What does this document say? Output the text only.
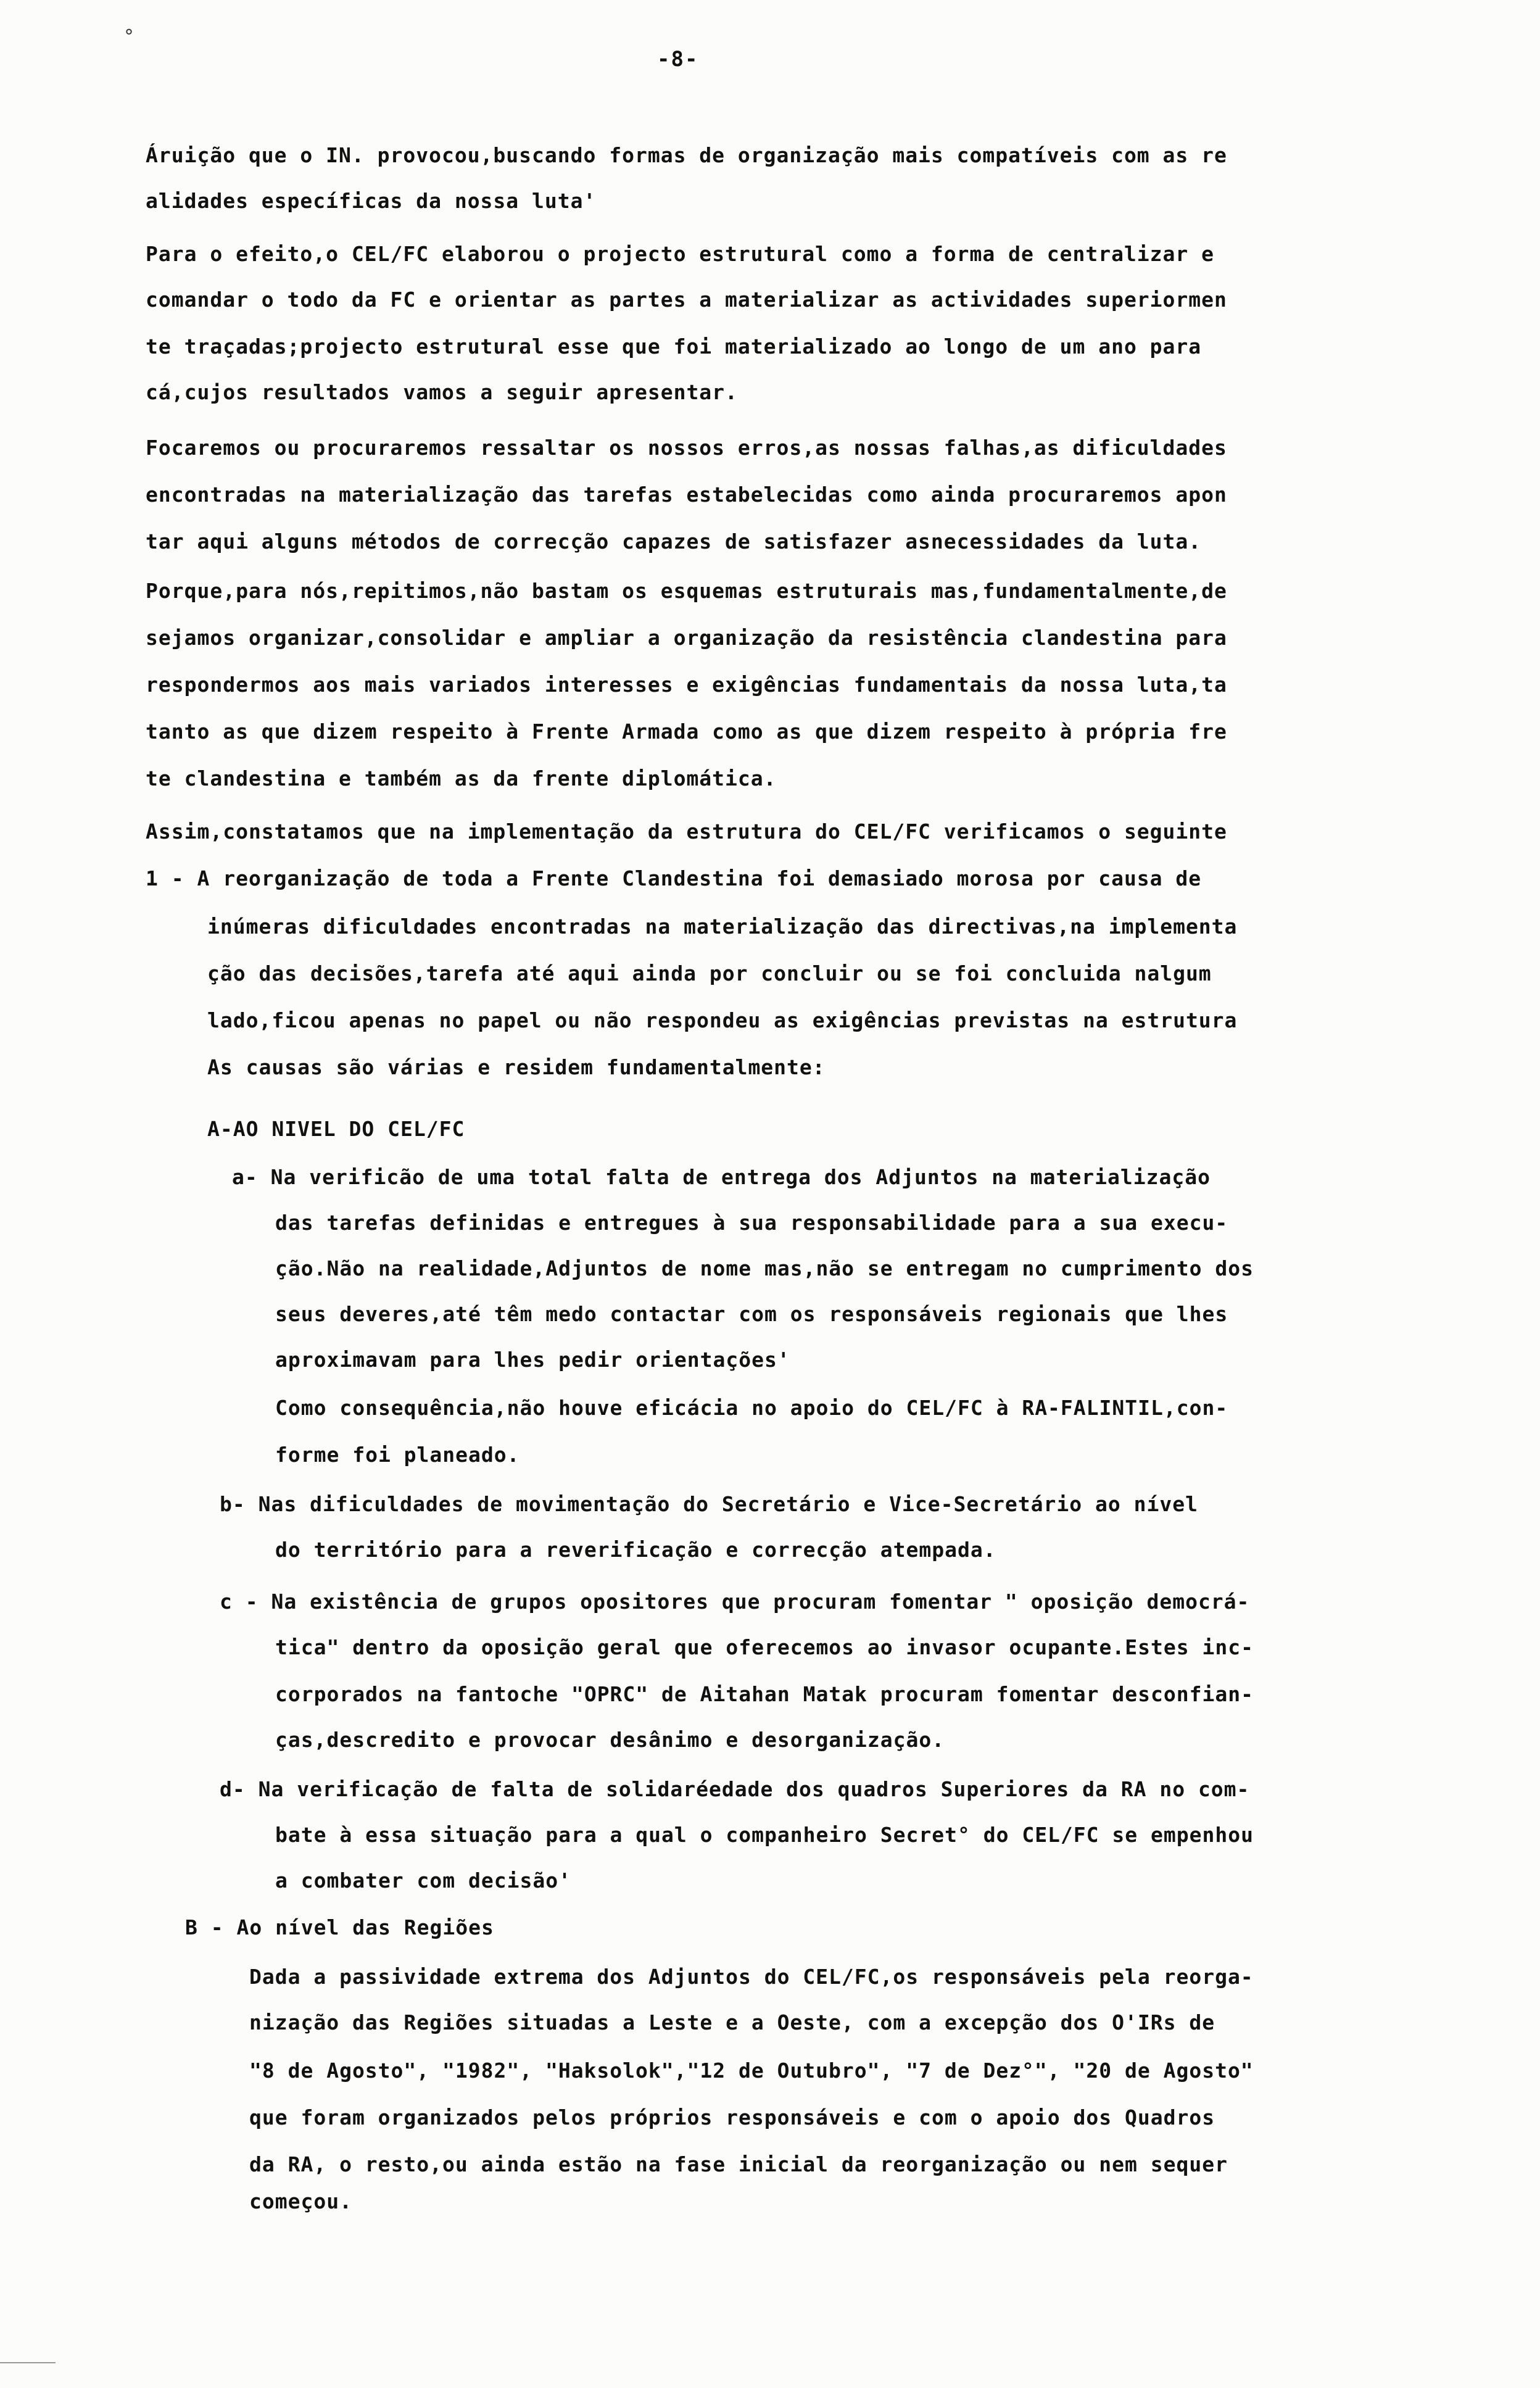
°
-8-
Áruição que o IN. provocou,buscando formas de organização mais compatíveis com as re
alidades específicas da nossa luta'
Para o efeito,o CEL/FC elaborou o projecto estrutural como a forma de centralizar e
comandar o todo da FC e orientar as partes a materializar as actividades superiormen
te traçadas;projecto estrutural esse que foi materializado ao longo de um ano para
cá,cujos resultados vamos a seguir apresentar.
Focaremos ou procuraremos ressaltar os nossos erros,as nossas falhas,as dificuldades
encontradas na materialização das tarefas estabelecidas como ainda procuraremos apon
tar aqui alguns métodos de correcção capazes de satisfazer asnecessidades da luta.
Porque,para nós,repitimos,não bastam os esquemas estruturais mas,fundamentalmente,de
sejamos organizar,consolidar e ampliar a organização da resistência clandestina para
respondermos aos mais variados interesses e exigências fundamentais da nossa luta,ta
tanto as que dizem respeito à Frente Armada como as que dizem respeito à própria fre
te clandestina e também as da frente diplomática.
Assim,constatamos que na implementação da estrutura do CEL/FC verificamos o seguinte
1 - A reorganização de toda a Frente Clandestina foi demasiado morosa por causa de
inúmeras dificuldades encontradas na materialização das directivas,na implementa
ção das decisões,tarefa até aqui ainda por concluir ou se foi concluida nalgum
lado,ficou apenas no papel ou não respondeu as exigências previstas na estrutura
As causas são várias e residem fundamentalmente:
A-AO NIVEL DO CEL/FC
a- Na verificão de uma total falta de entrega dos Adjuntos na materialização
das tarefas definidas e entregues à sua responsabilidade para a sua execu-
ção.Não na realidade,Adjuntos de nome mas,não se entregam no cumprimento dos
seus deveres,até têm medo contactar com os responsáveis regionais que lhes
aproximavam para lhes pedir orientações'
Como consequência,não houve eficácia no apoio do CEL/FC à RA-FALINTIL,con-
forme foi planeado.
b- Nas dificuldades de movimentação do Secretário e Vice-Secretário ao nível
do território para a reverificação e correcção atempada.
c - Na existência de grupos opositores que procuram fomentar " oposição democrá-
tica" dentro da oposição geral que oferecemos ao invasor ocupante.Estes inc-
corporados na fantoche "OPRC" de Aitahan Matak procuram fomentar desconfian-
ças,descredito e provocar desânimo e desorganização.
d- Na verificação de falta de solidaréedade dos quadros Superiores da RA no com-
bate à essa situação para a qual o companheiro Secret° do CEL/FC se empenhou
a combater com decisão'
B - Ao nível das Regiões
Dada a passividade extrema dos Adjuntos do CEL/FC,os responsáveis pela reorga-
nização das Regiões situadas a Leste e a Oeste, com a excepção dos O'IRs de
"8 de Agosto", "1982", "Haksolok","12 de Outubro", "7 de Dez°", "20 de Agosto"
que foram organizados pelos próprios responsáveis e com o apoio dos Quadros
da RA, o resto,ou ainda estão na fase inicial da reorganização ou nem sequer
começou.
